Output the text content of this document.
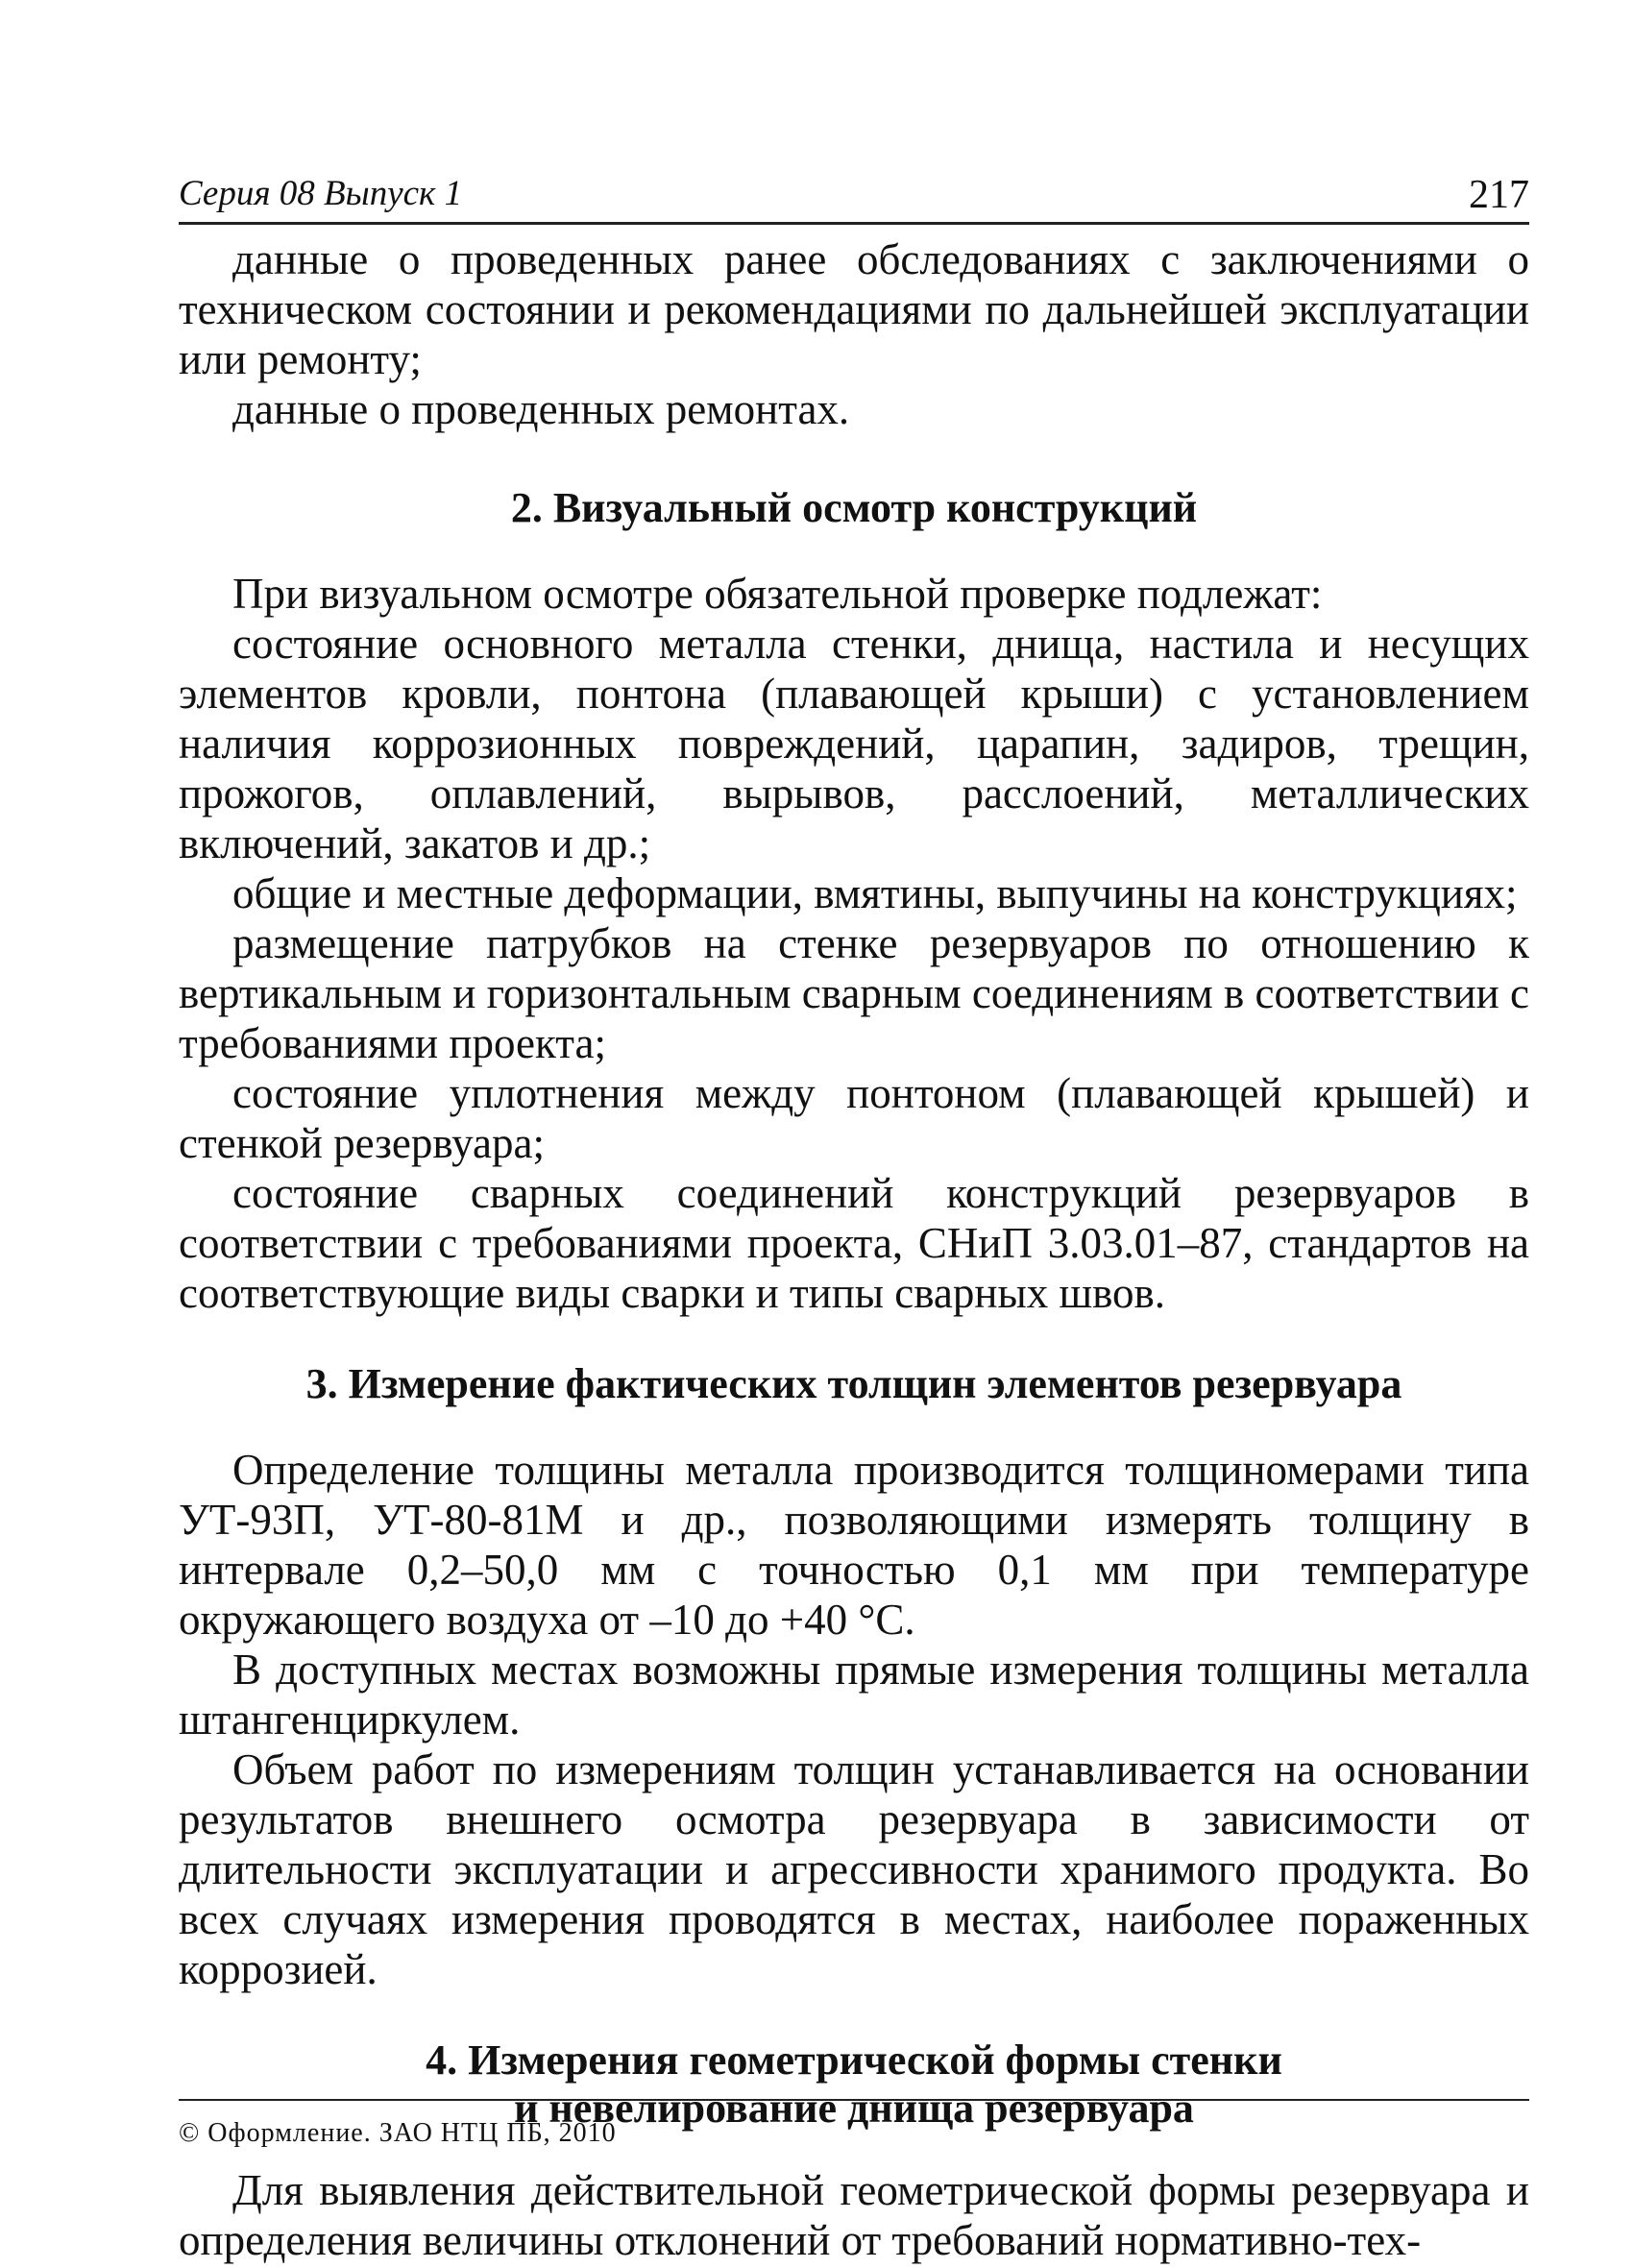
Серия 08 Выпуск 1	217

данные о проведенных ранее обследованиях с заключениями о техническом состоянии и рекомендациями по дальнейшей эксплуатации или ремонту;

данные о проведенных ремонтах.

2. Визуальный осмотр конструкций

При визуальном осмотре обязательной проверке подлежат:

состояние основного металла стенки, днища, настила и несущих элементов кровли, понтона (плавающей крыши) с установлением наличия коррозионных повреждений, царапин, задиров, трещин, прожогов, оплавлений, вырывов, расслоений, металлических включений, закатов и др.;

общие и местные деформации, вмятины, выпучины на конструкциях;

размещение патрубков на стенке резервуаров по отношению к вертикальным и горизонтальным сварным соединениям в соответствии с требованиями проекта;

состояние уплотнения между понтоном (плавающей крышей) и стенкой резервуара;

состояние сварных соединений конструкций резервуаров в соответствии с требованиями проекта, СНиП 3.03.01–87, стандартов на соответствующие виды сварки и типы сварных швов.

3. Измерение фактических толщин элементов резервуара

Определение толщины металла производится толщиномерами типа УТ-93П, УТ-80-81М и др., позволяющими измерять толщину в интервале 0,2–50,0 мм с точностью 0,1 мм при температуре окружающего воздуха от –10 до +40 °С.

В доступных местах возможны прямые измерения толщины металла штангенциркулем.

Объем работ по измерениям толщин устанавливается на основании результатов внешнего осмотра резервуара в зависимости от длительности эксплуатации и агрессивности хранимого продукта. Во всех случаях измерения проводятся в местах, наиболее пораженных коррозией.

4. Измерения геометрической формы стенки
и невелирование днища резервуара

Для выявления действительной геометрической формы резервуара и определения величины отклонений от требований нормативно-тех-

© Оформление. ЗАО НТЦ ПБ, 2010
